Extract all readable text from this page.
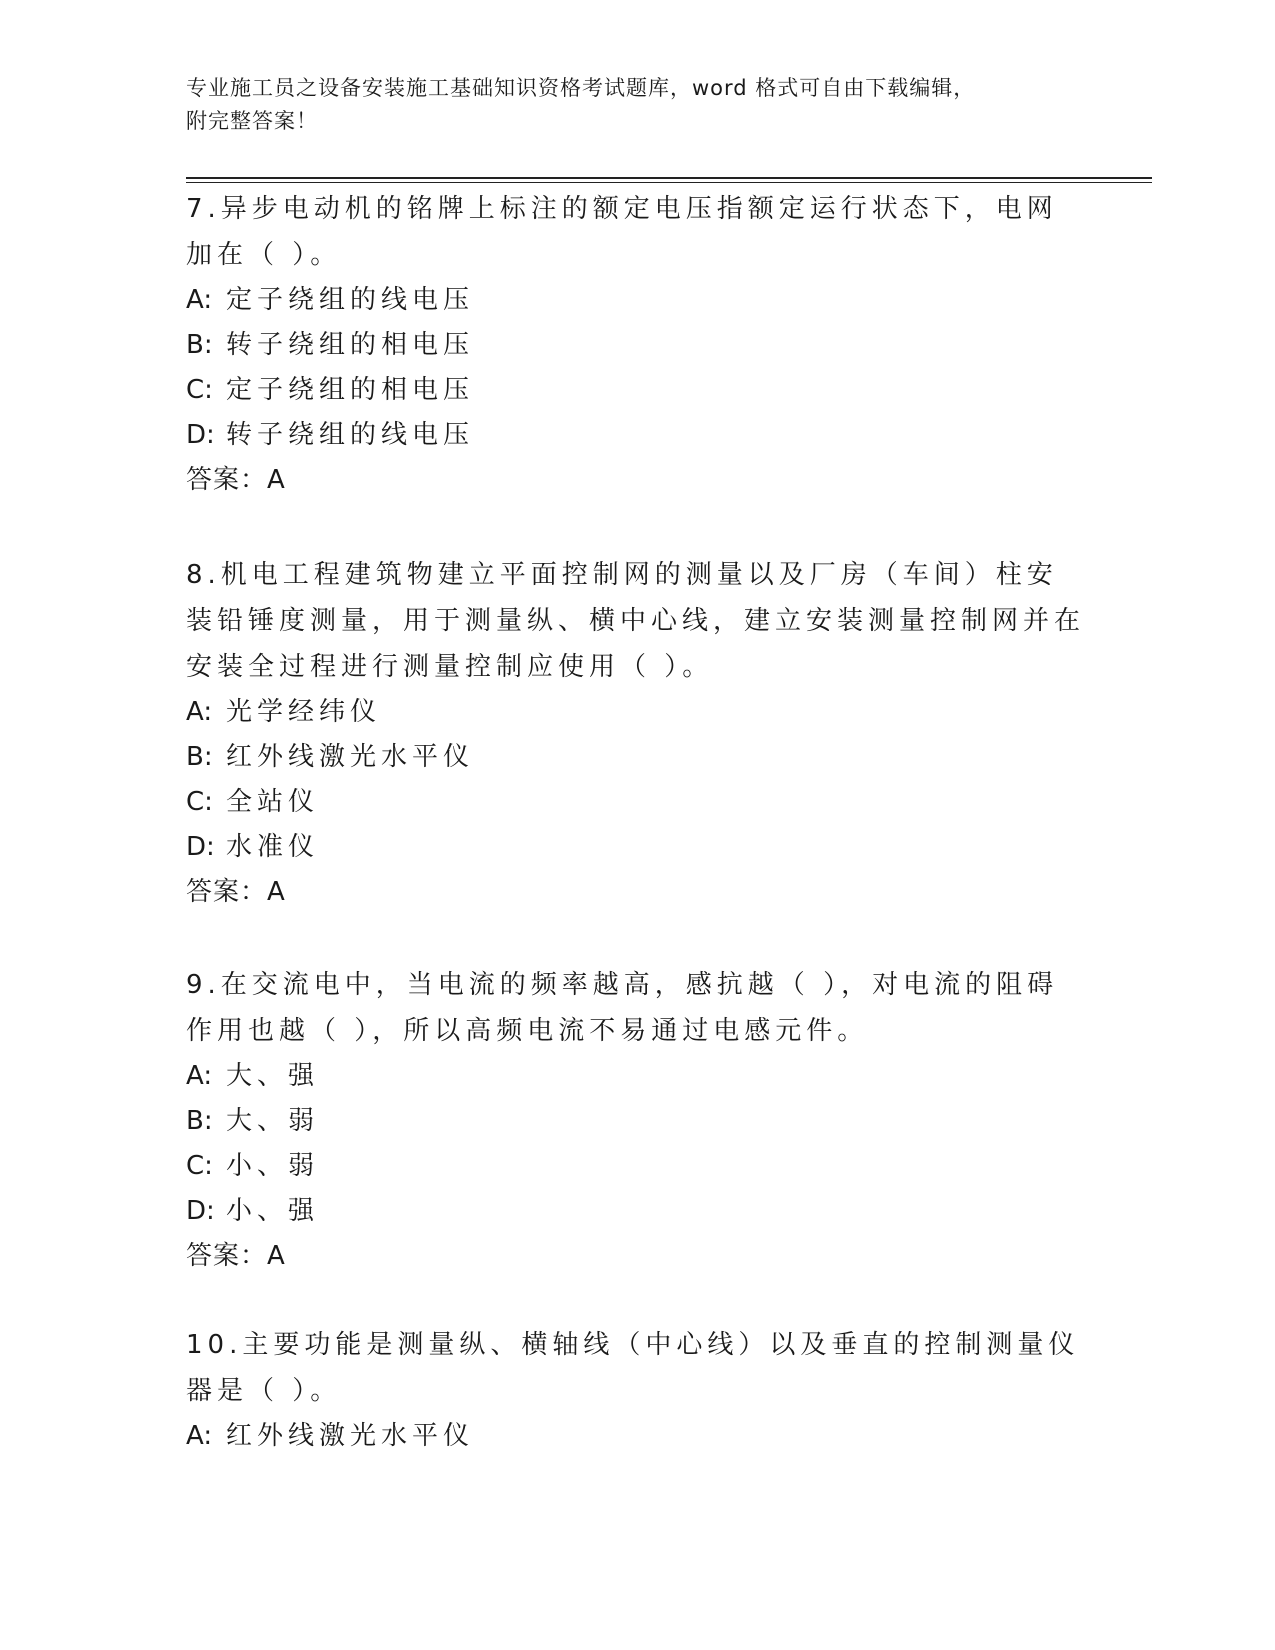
专业施工员之设备安装施工基础知识资格考试题库，word 格式可自由下载编辑，
附完整答案！

7.异步电动机的铭牌上标注的额定电压指额定运行状态下，电网加在（ ）。

A: 定子绕组的线电压

B: 转子绕组的相电压

C: 定子绕组的相电压

D: 转子绕组的线电压

答案：A

8.机电工程建筑物建立平面控制网的测量以及厂房（车间）柱安装铅锤度测量，用于测量纵、横中心线，建立安装测量控制网并在安装全过程进行测量控制应使用（ ）。

A: 光学经纬仪

B: 红外线激光水平仪

C: 全站仪

D: 水准仪

答案：A

9.在交流电中，当电流的频率越高，感抗越（ ），对电流的阻碍作用也越（ ），所以高频电流不易通过电感元件。

A: 大、强

B: 大、弱

C: 小、弱

D: 小、强

答案：A

10.主要功能是测量纵、横轴线（中心线）以及垂直的控制测量仪器是（ ）。

A: 红外线激光水平仪
